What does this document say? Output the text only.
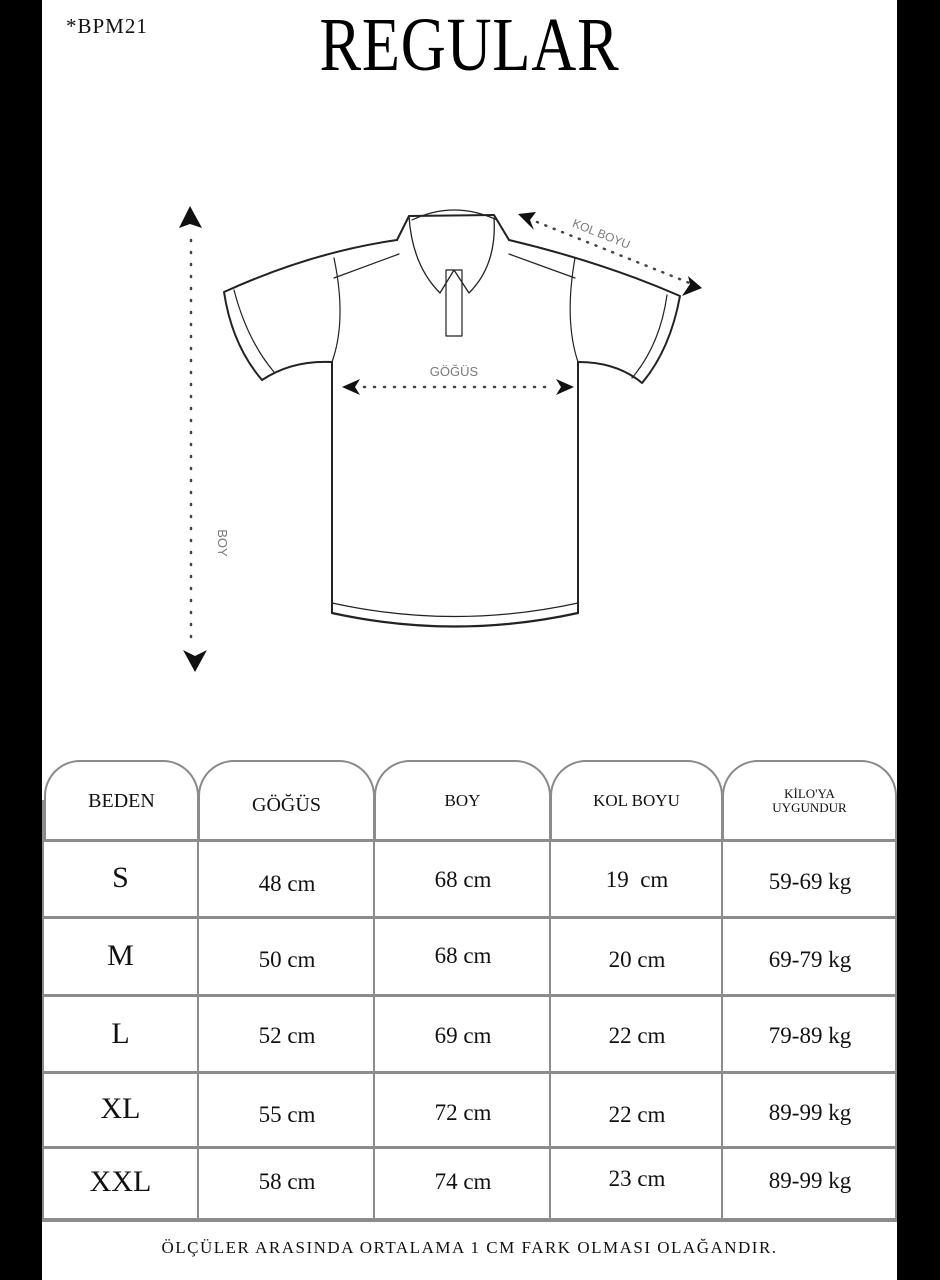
*BPM21	REGULAR
KOL BOYU
GÖĞÜS
BOY
BEDEN	GÖĞÜS	BOY	KOL BOYU	KİLO'YA
UYGUNDUR
S	48 cm	68 cm	19  cm	59-69 kg
M	50 cm	68 cm	20 cm	69-79 kg
L	52 cm	69 cm	22 cm	79-89 kg
XL	55 cm	72 cm	22 cm	89-99 kg
XXL	58 cm	74 cm	23 cm	89-99 kg
ÖLÇÜLER ARASINDA ORTALAMA 1 CM FARK OLMASI OLAĞANDIR.
